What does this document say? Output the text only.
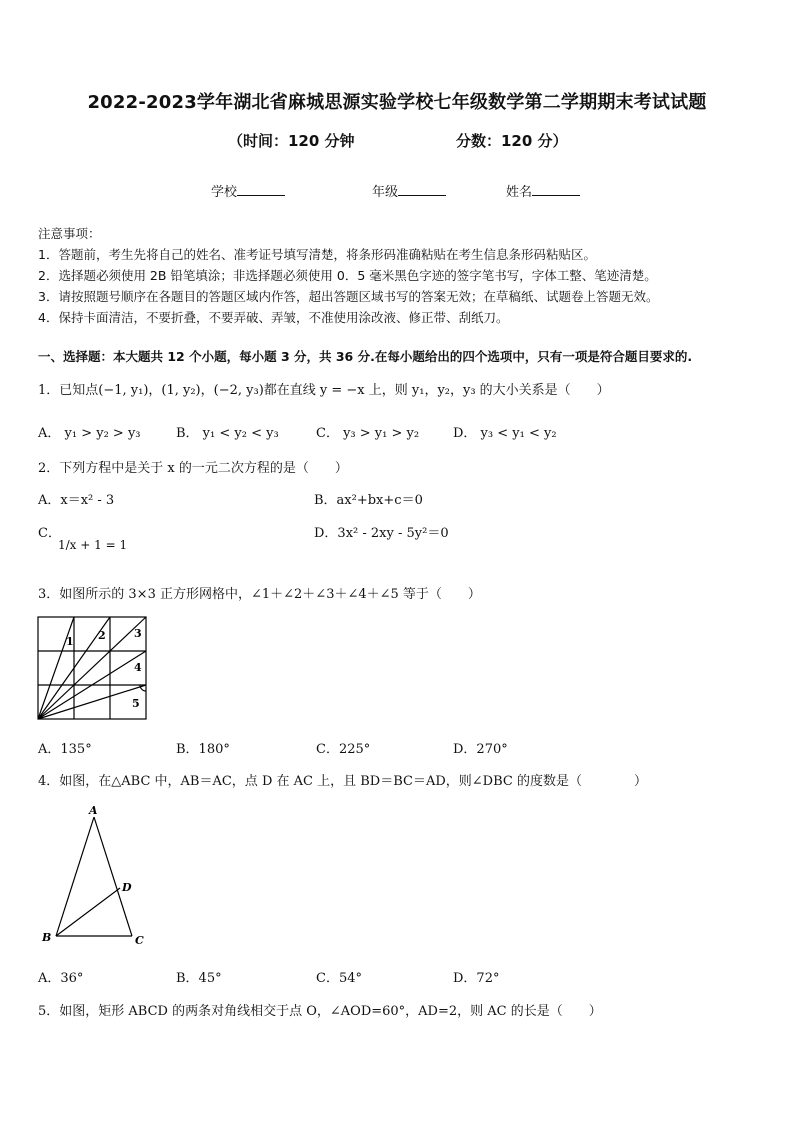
2022-2023学年湖北省麻城思源实验学校七年级数学第二学期期末考试试题
（时间：120 分钟	分数：120 分）
学校	年级	姓名
注意事项：
1．答题前，考生先将自己的姓名、准考证号填写清楚，将条形码准确粘贴在考生信息条形码粘贴区。
2．选择题必须使用 2B 铅笔填涂；非选择题必须使用 0．5 毫米黑色字迹的签字笔书写，字体工整、笔迹清楚。
3．请按照题号顺序在各题目的答题区域内作答，超出答题区域书写的答案无效；在草稿纸、试题卷上答题无效。
4．保持卡面清洁，不要折叠，不要弄破、弄皱，不准使用涂改液、修正带、刮纸刀。
一、选择题：本大题共 12 个小题，每小题 3 分，共 36 分.在每小题给出的四个选项中，只有一项是符合题目要求的.
1．已知点(−1, y₁)，(1, y₂)，(−2, y₃)都在直线 y = −x 上，则 y₁，y₂，y₃ 的大小关系是（　　）
A． y₁ > y₂ > y₃	B． y₁ < y₂ < y₃	C． y₃ > y₁ > y₂	D． y₃ < y₁ < y₂
2．下列方程中是关于 x 的一元二次方程的是（　　）
A．x＝x² - 3	B．ax²+bx+c＝0
C．
1/x + 1 = 1
D．3x² - 2xy - 5y²＝0
3．如图所示的 3×3 正方形网格中，∠1＋∠2＋∠3＋∠4＋∠5 等于（　　）
1 2	3
4
5
A．135°	B．180°	C．225°	D．270°
4．如图，在△ABC 中，AB＝AC，点 D 在 AC 上，且 BD＝BC＝AD，则∠DBC 的度数是（　　　　）
A
B	C
D
A．36°	B．45°	C．54°	D．72°
5．如图，矩形 ABCD 的两条对角线相交于点 O，∠AOD=60°，AD=2，则 AC 的长是（　　）
